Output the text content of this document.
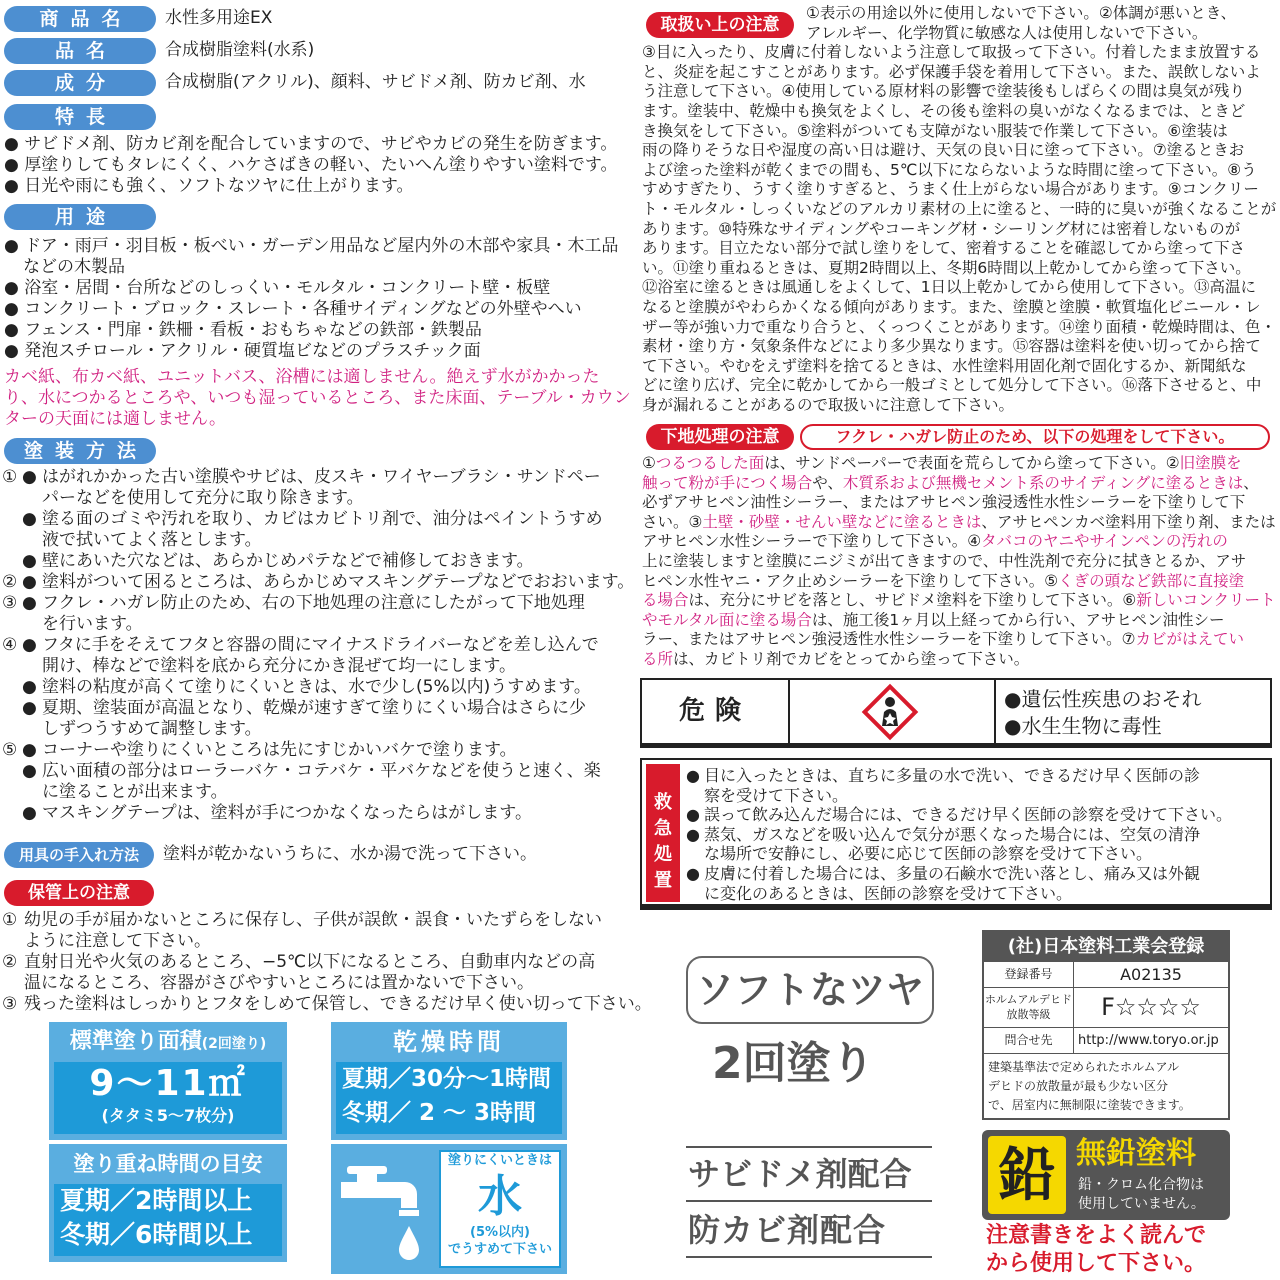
商品名	水性多用途EX
品名	合成樹脂塗料(水系)
成分	合成樹脂(アクリル)、顔料、サビドメ剤、防カビ剤、水
特長
● サビドメ剤、防カビ剤を配合していますので、サビやカビの発生を防ぎます。
● 厚塗りしてもタレにくく、ハケさばきの軽い、たいへん塗りやすい塗料です。
● 日光や雨にも強く、ソフトなツヤに仕上がります。
用途
● ドア・雨戸・羽目板・板べい・ガーデン用品など屋内外の木部や家具・木工品
などの木製品
● 浴室・居間・台所などのしっくい・モルタル・コンクリート壁・板壁
● コンクリート・ブロック・スレート・各種サイディングなどの外壁やへい
● フェンス・門扉・鉄柵・看板・おもちゃなどの鉄部・鉄製品
● 発泡スチロール・アクリル・硬質塩ビなどのプラスチック面
カベ紙、布カベ紙、ユニットバス、浴槽には適しません。絶えず水がかかった
り、水につかるところや、いつも湿っているところ、また床面、テーブル・カウン
ターの天面には適しません。
塗装方法
① ● はがれかかった古い塗膜やサビは、皮スキ・ワイヤーブラシ・サンドペー
パーなどを使用して充分に取り除きます。
● 塗る面のゴミや汚れを取り、カビはカビトリ剤で、油分はペイントうすめ
液で拭いてよく落とします。
● 壁にあいた穴などは、あらかじめパテなどで補修しておきます。
② ● 塗料がついて困るところは、あらかじめマスキングテープなどでおおいます。
③ ● フクレ・ハガレ防止のため、右の下地処理の注意にしたがって下地処理
を行います。
④ ● フタに手をそえてフタと容器の間にマイナスドライバーなどを差し込んで
開け、棒などで塗料を底から充分にかき混ぜて均一にします。
● 塗料の粘度が高くて塗りにくいときは、水で少し(5%以内)うすめます。
● 夏期、塗装面が高温となり、乾燥が速すぎて塗りにくい場合はさらに少
しずつうすめて調整します。
⑤ ● コーナーや塗りにくいところは先にすじかいバケで塗ります。
● 広い面積の部分はローラーバケ・コテバケ・平バケなどを使うと速く、楽
に塗ることが出来ます。
● マスキングテープは、塗料が手につかなくなったらはがします。
用具の手入れ方法	塗料が乾かないうちに、水か湯で洗って下さい。
保管上の注意
① 幼児の手が届かないところに保存し、子供が誤飲・誤食・いたずらをしない
ように注意して下さい。
② 直射日光や火気のあるところ、−5℃以下になるところ、自動車内などの高
温になるところ、容器がさびやすいところには置かないで下さい。
③ 残った塗料はしっかりとフタをしめて保管し、できるだけ早く使い切って下さい。
標準塗り面積(2回塗り)
9～11㎡
(タタミ5～7枚分)
乾燥時間
夏期／30分～1時間
冬期／ 2 ～ 3時間
塗り重ね時間の目安
夏期／2時間以上
冬期／6時間以上
塗りにくいときは
水
(5%以内)
でうすめて下さい
取扱い上の注意
①表示の用途以外に使用しないで下さい。②体調が悪いとき、
アレルギー、化学物質に敏感な人は使用しないで下さい。
③目に入ったり、皮膚に付着しないよう注意して取扱って下さい。付着したまま放置する
と、炎症を起こすことがあります。必ず保護手袋を着用して下さい。また、誤飲しないよ
う注意して下さい。④使用している原材料の影響で塗装後もしばらくの間は臭気が残り
ます。塗装中、乾燥中も換気をよくし、その後も塗料の臭いがなくなるまでは、ときど
き換気をして下さい。⑤塗料がついても支障がない服装で作業して下さい。⑥塗装は
雨の降りそうな日や湿度の高い日は避け、天気の良い日に塗って下さい。⑦塗るときお
よび塗った塗料が乾くまでの間も、5℃以下にならないような時間に塗って下さい。⑧う
すめすぎたり、うすく塗りすぎると、うまく仕上がらない場合があります。⑨コンクリー
ト・モルタル・しっくいなどのアルカリ素材の上に塗ると、一時的に臭いが強くなることが
あります。⑩特殊なサイディングやコーキング材・シーリング材には密着しないものが
あります。目立たない部分で試し塗りをして、密着することを確認してから塗って下さ
い。⑪塗り重ねるときは、夏期2時間以上、冬期6時間以上乾かしてから塗って下さい。
⑫浴室に塗るときは風通しをよくして、1日以上乾かしてから使用して下さい。⑬高温に
なると塗膜がやわらかくなる傾向があります。また、塗膜と塗膜・軟質塩化ビニール・レ
ザー等が強い力で重なり合うと、くっつくことがあります。⑭塗り面積・乾燥時間は、色・
素材・塗り方・気象条件などにより多少異なります。⑮容器は塗料を使い切ってから捨て
て下さい。やむをえず塗料を捨てるときは、水性塗料用固化剤で固化するか、新聞紙な
どに塗り広げ、完全に乾かしてから一般ゴミとして処分して下さい。⑯落下させると、中
身が漏れることがあるので取扱いに注意して下さい。
下地処理の注意	フクレ・ハガレ防止のため、以下の処理をして下さい。
①つるつるした面は、サンドペーパーで表面を荒らしてから塗って下さい。②旧塗膜を
触って粉が手につく場合や、木質系および無機セメント系のサイディングに塗るときは、
必ずアサヒペン油性シーラー、またはアサヒペン強浸透性水性シーラーを下塗りして下
さい。③土壁・砂壁・せんい壁などに塗るときは、アサヒペンカベ塗料用下塗り剤、または
アサヒペン水性シーラーで下塗りして下さい。④タバコのヤニやサインペンの汚れの
上に塗装しますと塗膜にニジミが出てきますので、中性洗剤で充分に拭きとるか、アサ
ヒペン水性ヤニ・アク止めシーラーを下塗りして下さい。⑤くぎの頭など鉄部に直接塗
る場合は、充分にサビを落とし、サビドメ塗料を下塗りして下さい。⑥新しいコンクリート
やモルタル面に塗る場合は、施工後1ヶ月以上経ってから行い、アサヒペン油性シー
ラー、またはアサヒペン強浸透性水性シーラーを下塗りして下さい。⑦カビがはえてい
る所は、カビトリ剤でカビをとってから塗って下さい。
危険	●遺伝性疾患のおそれ
●水生生物に毒性
救
急
処
置
● 目に入ったときは、直ちに多量の水で洗い、できるだけ早く医師の診
察を受けて下さい。
● 誤って飲み込んだ場合には、できるだけ早く医師の診察を受けて下さい。
● 蒸気、ガスなどを吸い込んで気分が悪くなった場合には、空気の清浄
な場所で安静にし、必要に応じて医師の診察を受けて下さい。
● 皮膚に付着した場合には、多量の石鹸水で洗い落とし、痛み又は外観
に変化のあるときは、医師の診察を受けて下さい。
ソフトなツヤ
2回塗り
サビドメ剤配合
防カビ剤配合
(社)日本塗料工業会登録
登録番号	A02135
ホルムアルデヒド
放散等級	F☆☆☆☆
問合せ先	http://www.toryo.or.jp
建築基準法で定められたホルムアル
デヒドの放散量が最も少ない区分
で、居室内に無制限に塗装できます。
鉛 無鉛塗料
鉛・クロム化合物は
使用していません。
注意書きをよく読んで
から使用して下さい。
